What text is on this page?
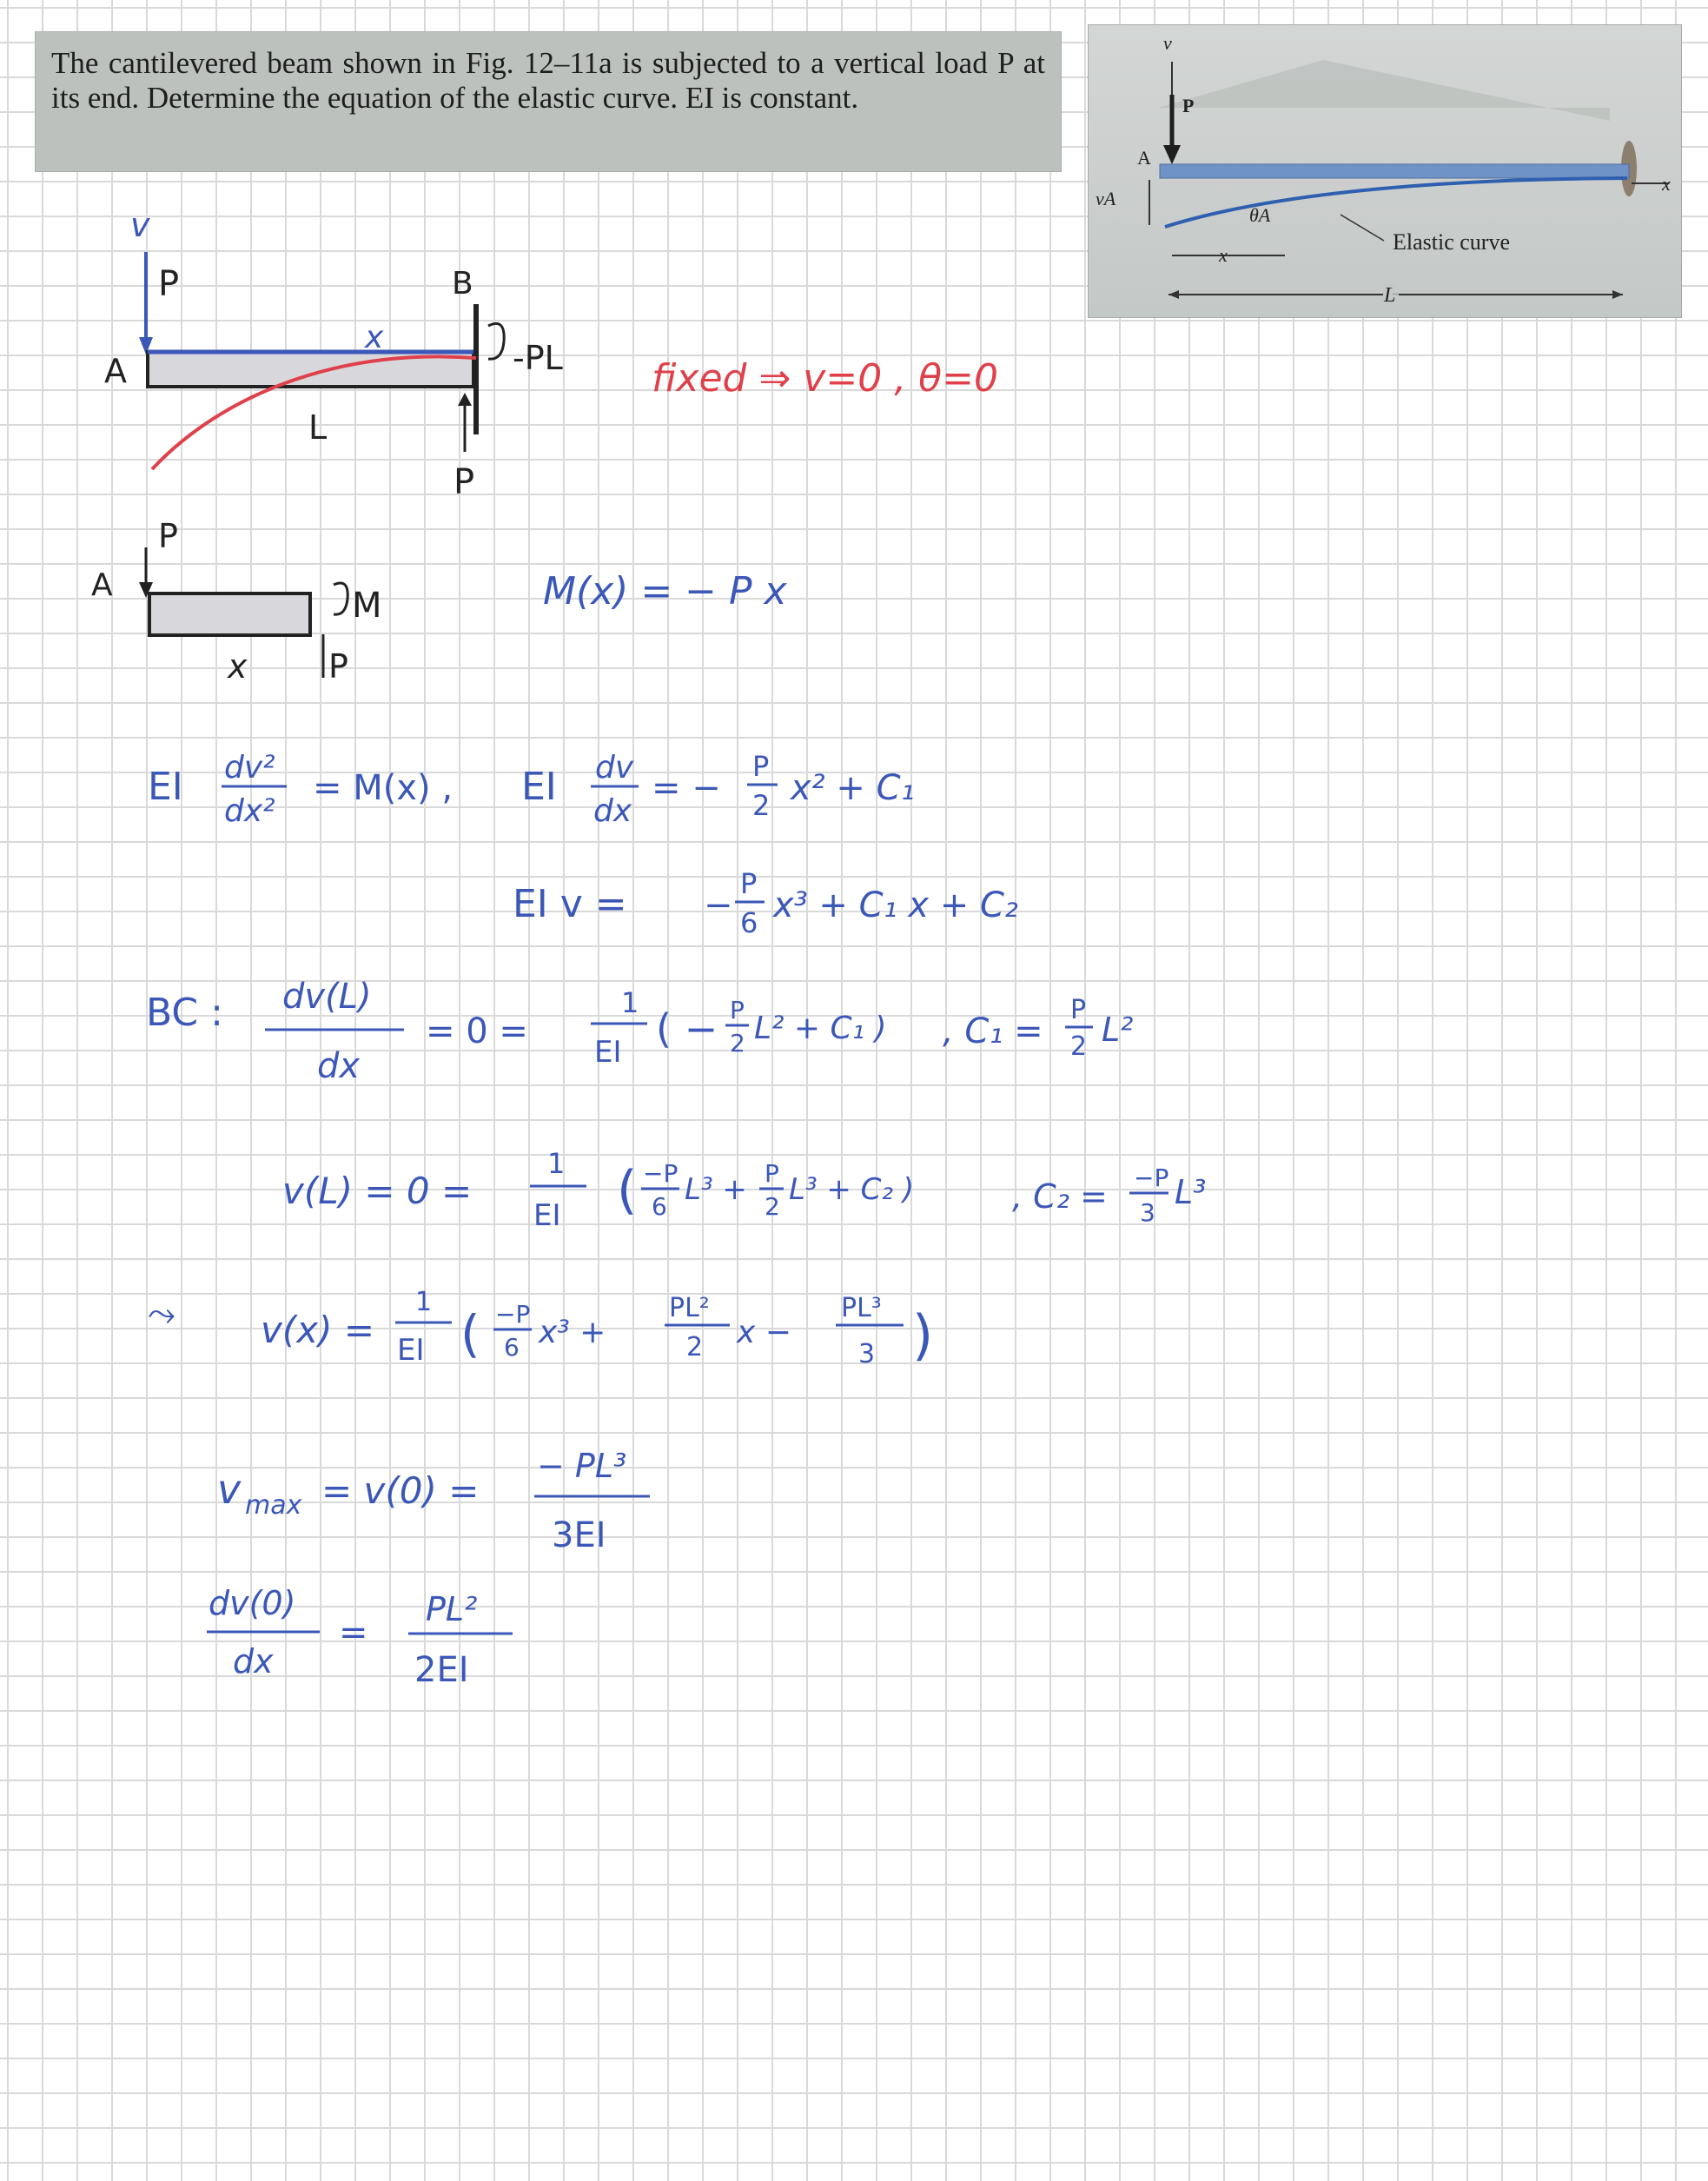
The cantilevered beam shown in Fig. 12–11a is subjected to a vertical load P at its end. Determine the equation of the elastic curve. EI is constant.

x
v
P
A
vA
θA
x
Elastic curve
L
v
P	B
A
x
L
-PL
P
fixed ⇒ v=0 , θ=0
A
P
M
x P
M(x) = − P x
EI dv²
dx²
= M(x) , EI dv
dx
= −
P
2 x² + C₁
EI v = −
P
6 x³ + C₁ x + C₂
BC : dv(L)
dx
= 0 =
1
EI ( − P
2 L² + C₁ ) , C₁ =
P
2 L²
v(L) = 0 =
1
EI ( −P
6 L³ + P
2 L³ + C₂ )	, C₂ = −P
3
L³
⤳ v(x) =
1
EI ( −P
6 x³ +
PL²
2 x −
PL³
3 )
v max = v(0) =
− PL³
3EI
dv(0)
dx
=
PL²
2EI
